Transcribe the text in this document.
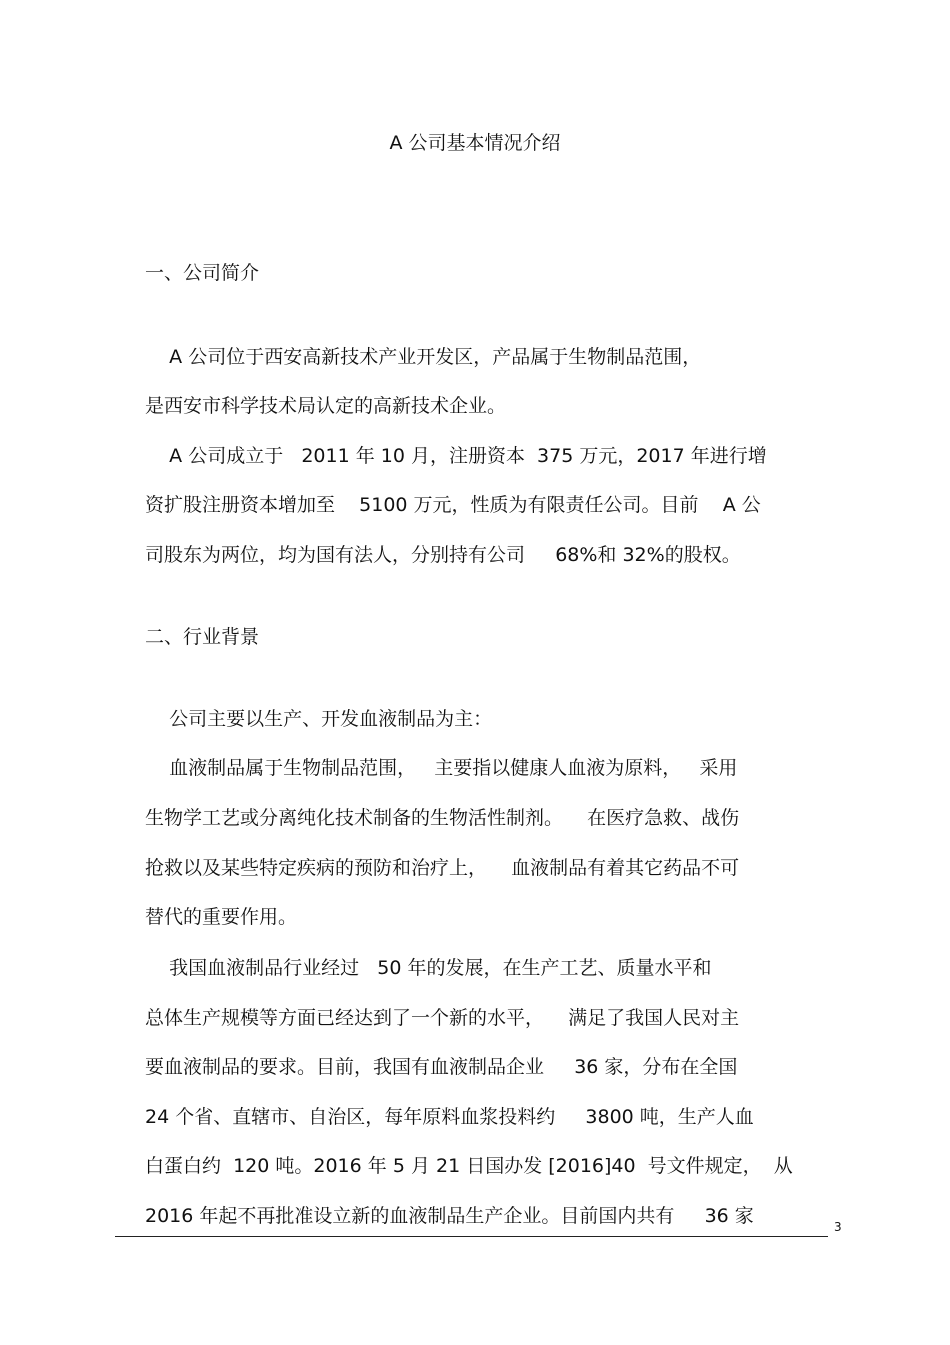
A 公司基本情况介绍

一、公司简介

A 公司位于西安高新技术产业开发区，产品属于生物制品范围，

是西安市科学技术局认定的高新技术企业。

A 公司成立于   2011 年 10 月，注册资本  375 万元，2017 年进行增

资扩股注册资本增加至    5100 万元，性质为有限责任公司。目前    A 公

司股东为两位，均为国有法人，分别持有公司     68%和 32%的股权。

二、行业背景

公司主要以生产、开发血液制品为主：

血液制品属于生物制品范围，   主要指以健康人血液为原料，   采用

生物学工艺或分离纯化技术制备的生物活性制剂。    在医疗急救、战伤

抢救以及某些特定疾病的预防和治疗上，    血液制品有着其它药品不可

替代的重要作用。

我国血液制品行业经过   50 年的发展，在生产工艺、质量水平和

总体生产规模等方面已经达到了一个新的水平，    满足了我国人民对主

要血液制品的要求。目前，我国有血液制品企业     36 家，分布在全国

24 个省、直辖市、自治区，每年原料血浆投料约     3800 吨，生产人血

白蛋白约  120 吨。2016 年 5 月 21 日国办发 [2016]40  号文件规定，  从

2016 年起不再批准设立新的血液制品生产企业。目前国内共有     36 家	3
